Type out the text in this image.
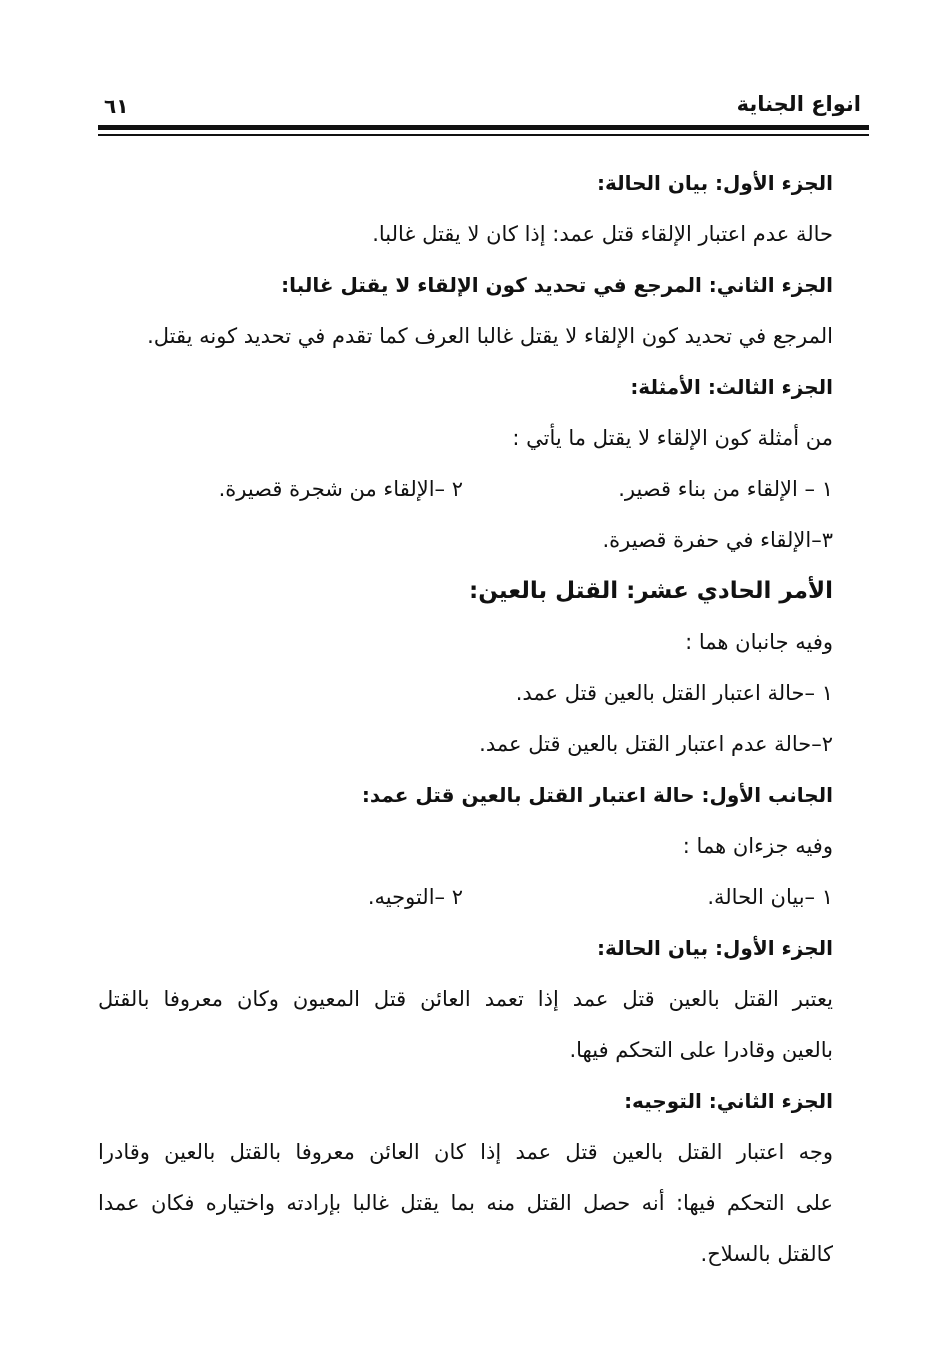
انواع الجناية
٦١
الجزء الأول: بيان الحالة:
حالة عدم اعتبار الإلقاء قتل عمد: إذا كان لا يقتل غالبا.
الجزء الثاني: المرجع في تحديد كون الإلقاء لا يقتل غالبا:
المرجع في تحديد كون الإلقاء لا يقتل غالبا العرف كما تقدم في تحديد كونه يقتل.
الجزء الثالث: الأمثلة:
من أمثلة كون الإلقاء لا يقتل ما يأتي :
١ – الإلقاء من بناء قصير.
٢ –الإلقاء من شجرة قصيرة.
٣–الإلقاء في حفرة قصيرة.
الأمر الحادي عشر: القتل بالعين:
وفيه جانبان هما :
١ –حالة اعتبار القتل بالعين قتل عمد.
٢–حالة عدم اعتبار القتل بالعين قتل عمد.
الجانب الأول: حالة اعتبار القتل بالعين قتل عمد:
وفيه جزءان هما :
١ –بيان الحالة.
٢ –التوجيه.
الجزء الأول: بيان الحالة:
يعتبر القتل بالعين قتل عمد إذا تعمد العائن قتل المعيون وكان معروفا بالقتل
بالعين وقادرا على التحكم فيها.
الجزء الثاني: التوجيه:
وجه اعتبار القتل بالعين قتل عمد إذا كان العائن معروفا بالقتل بالعين وقادرا
على التحكم فيها: أنه حصل القتل منه بما يقتل غالبا بإرادته واختياره فكان عمدا
كالقتل بالسلاح.
